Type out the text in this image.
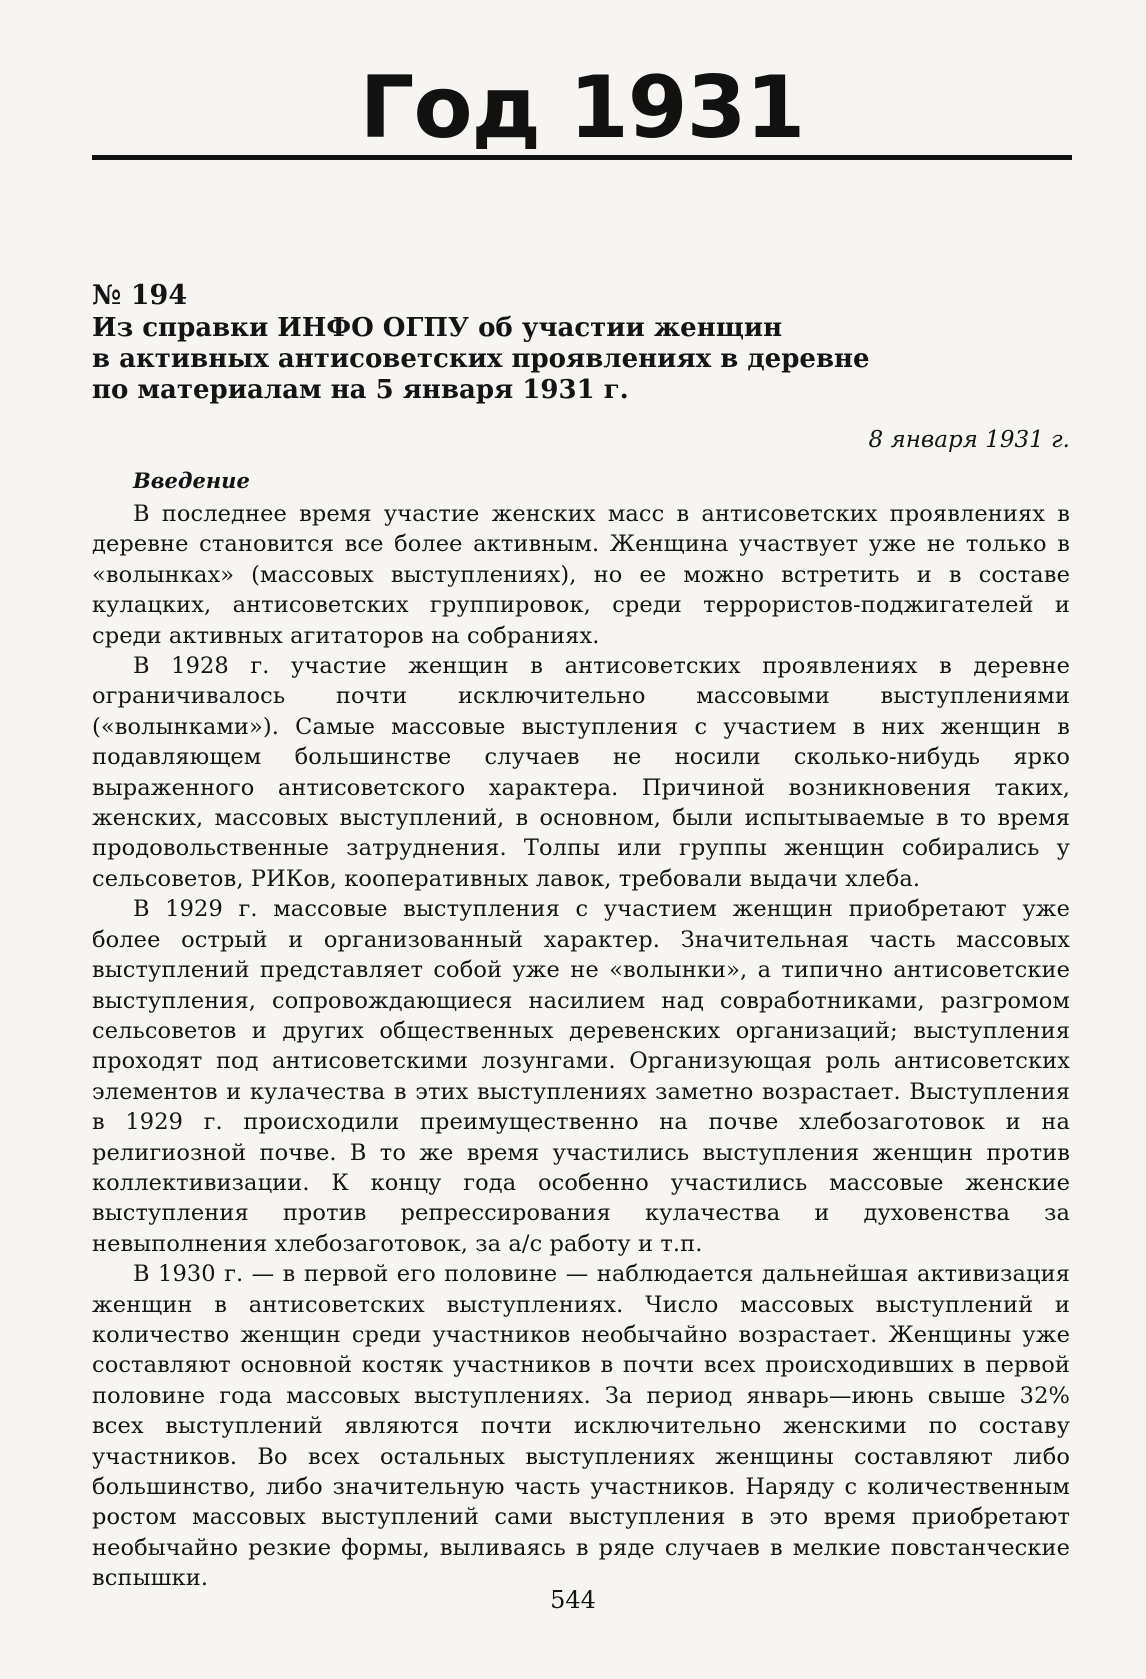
Год 1931
№ 194
Из справки ИНФО ОГПУ об участии женщин
в активных антисоветских проявлениях в деревне
по материалам на 5 января 1931 г.
8 января 1931 г.
Введение

В последнее время участие женских масс в антисоветских проявлениях в деревне становится все более активным. Женщина участвует уже не только в «волынках» (массовых выступлениях), но ее можно встретить и в составе кулацких, антисоветских группировок, среди террористов-поджигателей и среди активных агитаторов на собраниях.

В 1928 г. участие женщин в антисоветских проявлениях в деревне ограничивалось почти исключительно массовыми выступлениями («волынками»). Самые массовые выступления с участием в них женщин в подавляющем большинстве случаев не носили сколько-нибудь ярко выраженного антисоветского характера. Причиной возникновения таких, женских, массовых выступлений, в основном, были испытываемые в то время продовольственные затруднения. Толпы или группы женщин собирались у сельсоветов, РИКов, кооперативных лавок, требовали выдачи хлеба.

В 1929 г. массовые выступления с участием женщин приобретают уже более острый и организованный характер. Значительная часть массовых выступлений представляет собой уже не «волынки», а типично антисоветские выступления, сопровождающиеся насилием над совработниками, разгромом сельсоветов и других общественных деревенских организаций; выступления проходят под антисоветскими лозунгами. Организующая роль антисоветских элементов и кулачества в этих выступлениях заметно возрастает. Выступления в 1929 г. происходили преимущественно на почве хлебозаготовок и на религиозной почве. В то же время участились выступления женщин против коллективизации. К концу года особенно участились массовые женские выступления против репрессирования кулачества и духовенства за невыполнения хлебозаготовок, за а/с работу и т.п.

В 1930 г. — в первой его половине — наблюдается дальнейшая активизация женщин в антисоветских выступлениях. Число массовых выступлений и количество женщин среди участников необычайно возрастает. Женщины уже составляют основной костяк участников в почти всех происходивших в первой половине года массовых выступлениях. За период январь—июнь свыше 32% всех выступлений являются почти исключительно женскими по составу участников. Во всех остальных выступлениях женщины составляют либо большинство, либо значительную часть участников. Наряду с количественным ростом массовых выступлений сами выступления в это время приобретают необычайно резкие формы, выливаясь в ряде случаев в мелкие повстанческие вспышки.

544
